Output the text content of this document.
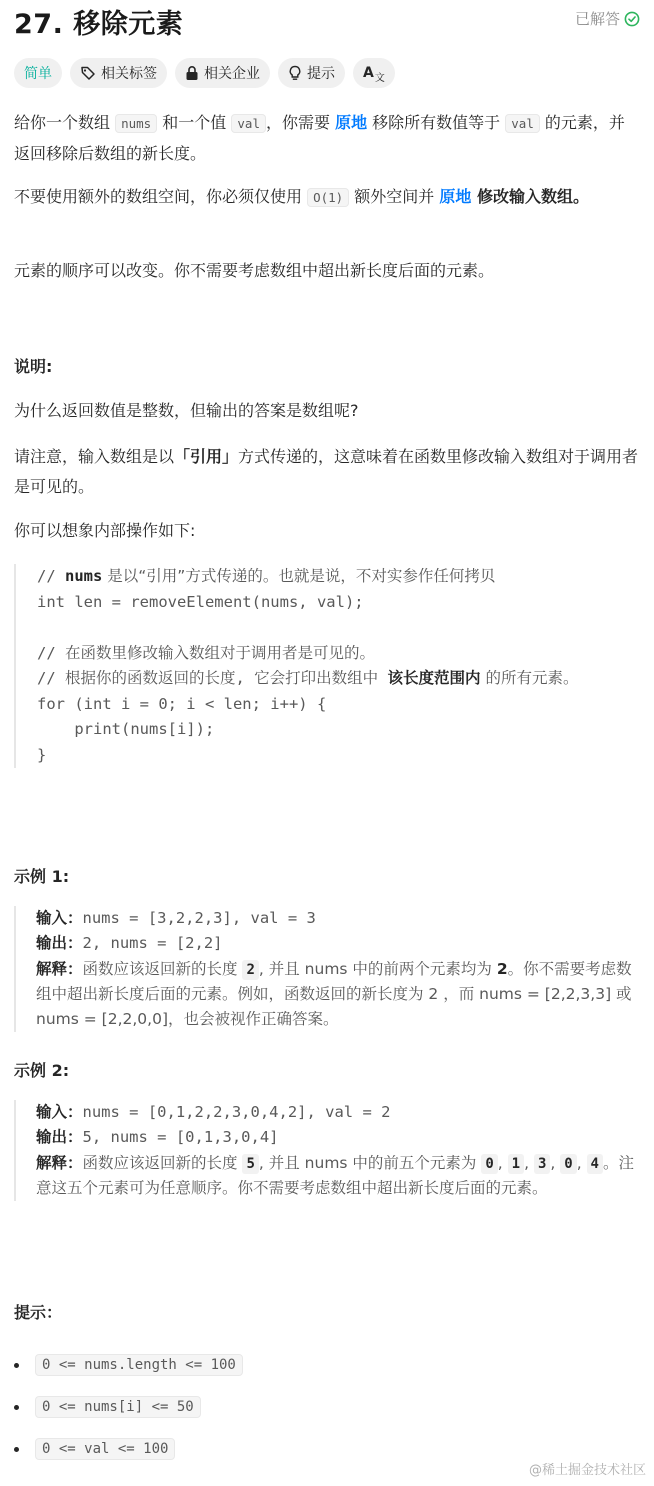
27. 移除元素	已解答
简单	相关标签	相关企业	提示 A 文
给你一个数组 nums 和一个值 val ，你需要 原地 移除所有数值等于 val 的元素，并返回移除后数组的新长度。
不要使用额外的数组空间，你必须仅使用 O(1) 额外空间并 原地 修改输入数组。
元素的顺序可以改变。你不需要考虑数组中超出新长度后面的元素。
说明:
为什么返回数值是整数，但输出的答案是数组呢?
请注意，输入数组是以「引用」方式传递的，这意味着在函数里修改输入数组对于调用者是可见的。
你可以想象内部操作如下:
// nums 是以“引用”方式传递的。也就是说，不对实参作任何拷贝
int len = removeElement(nums, val);

// 在函数里修改输入数组对于调用者是可见的。
// 根据你的函数返回的长度, 它会打印出数组中 该长度范围内 的所有元素。
for (int i = 0; i < len; i++) {
print(nums[i]);
}
示例 1:
输入：nums = [3,2,2,3], val = 3
输出：2, nums = [2,2]
解释：函数应该返回新的长度 2 , 并且 nums 中的前两个元素均为 2。你不需要考虑数组中超出新长度后面的元素。例如，函数返回的新长度为 2 ，而 nums = [2,2,3,3] 或 nums = [2,2,0,0]，也会被视作正确答案。
示例 2:
输入：nums = [0,1,2,2,3,0,4,2], val = 2
输出：5, nums = [0,1,3,0,4]
解释：函数应该返回新的长度 5 , 并且 nums 中的前五个元素为 0 , 1 , 3 , 0 , 4 。注意这五个元素可为任意顺序。你不需要考虑数组中超出新长度后面的元素。
提示：
0 <= nums.length <= 100
0 <= nums[i] <= 50
0 <= val <= 100
@稀土掘金技术社区
